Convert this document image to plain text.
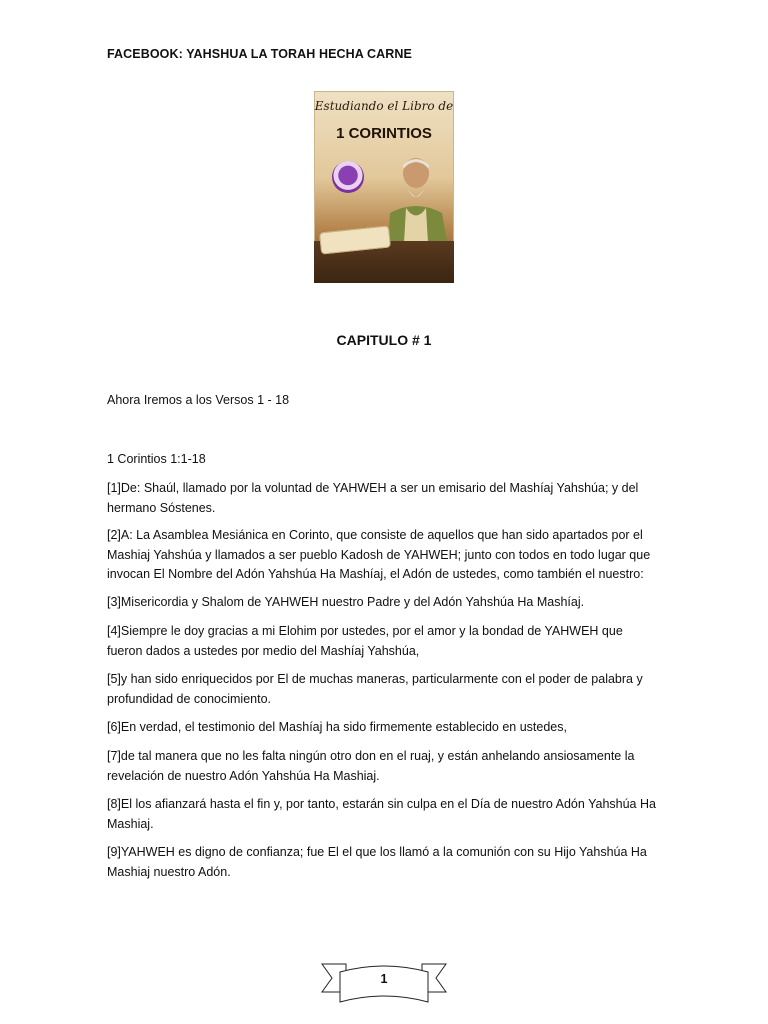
FACEBOOK: YAHSHUA LA TORAH HECHA CARNE
Estudiando el Libro de
1 CORINTIOS
CAPITULO # 1
Ahora Iremos a los Versos 1 - 18
1 Corintios 1:1-18
[1]De: Shaúl, llamado por la voluntad de YAHWEH a ser un emisario del Mashíaj Yahshúa; y del
hermano Sóstenes.
[2]A: La Asamblea Mesiánica en Corinto, que consiste de aquellos que han sido apartados por el
Mashiaj Yahshúa y llamados a ser pueblo Kadosh de YAHWEH; junto con todos en todo lugar que
invocan El Nombre del Adón Yahshúa Ha Mashíaj, el Adón de ustedes, como también el nuestro:
[3]Misericordia y Shalom de YAHWEH nuestro Padre y del Adón Yahshúa Ha Mashíaj.
[4]Siempre le doy gracias a mi Elohim por ustedes, por el amor y la bondad de YAHWEH que
fueron dados a ustedes por medio del Mashíaj Yahshúa,
[5]y han sido enriquecidos por El de muchas maneras, particularmente con el poder de palabra y
profundidad de conocimiento.
[6]En verdad, el testimonio del Mashíaj ha sido firmemente establecido en ustedes,
[7]de tal manera que no les falta ningún otro don en el ruaj, y están anhelando ansiosamente la
revelación de nuestro Adón Yahshúa Ha Mashiaj.
[8]El los afianzará hasta el fin y, por tanto, estarán sin culpa en el Día de nuestro Adón Yahshúa Ha
Mashiaj.
[9]YAHWEH es digno de confianza; fue El el que los llamó a la comunión con su Hijo Yahshúa Ha
Mashiaj nuestro Adón.
1
